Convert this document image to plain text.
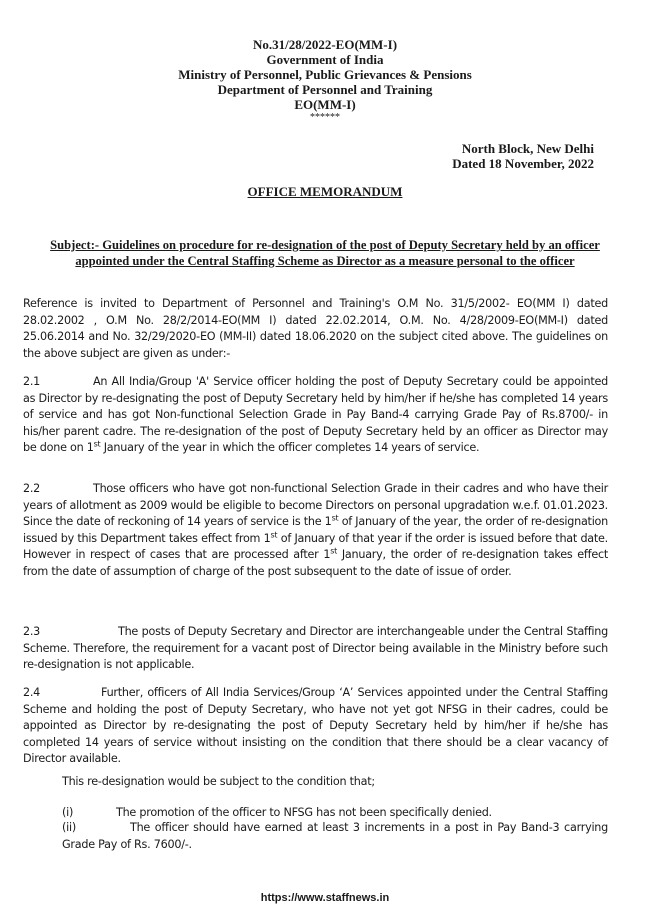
No.31/28/2022-EO(MM-I)
Government of India
Ministry of Personnel, Public Grievances & Pensions
Department of Personnel and Training
EO(MM-I)
******
North Block, New Delhi
Dated 18 November, 2022
OFFICE MEMORANDUM
Subject:- Guidelines on procedure for re-designation of the post of Deputy Secretary held by an officer appointed under the Central Staffing Scheme as Director as a measure personal to the officer
Reference is invited to Department of Personnel and Training's O.M No. 31/5/2002- EO(MM I) dated 28.02.2002 , O.M No. 28/2/2014-EO(MM I) dated 22.02.2014, O.M. No. 4/28/2009-EO(MM-I) dated 25.06.2014 and No. 32/29/2020-EO (MM-II) dated 18.06.2020 on the subject cited above. The guidelines on the above subject are given as under:-
2.1	An All India/Group 'A' Service officer holding the post of Deputy Secretary could be appointed as Director by re-designating the post of Deputy Secretary held by him/her if he/she has completed 14 years of service and has got Non-functional Selection Grade in Pay Band-4 carrying Grade Pay of Rs.8700/- in his/her parent cadre. The re-designation of the post of Deputy Secretary held by an officer as Director may be done on 1st January of the year in which the officer completes 14 years of service.
2.2	Those officers who have got non-functional Selection Grade in their cadres and who have their years of allotment as 2009 would be eligible to become Directors on personal upgradation w.e.f. 01.01.2023. Since the date of reckoning of 14 years of service is the 1st of January of the year, the order of re-designation issued by this Department takes effect from 1st of January of that year if the order is issued before that date. However in respect of cases that are processed after 1st January, the order of re-designation takes effect from the date of assumption of charge of the post subsequent to the date of issue of order.
2.3	The posts of Deputy Secretary and Director are interchangeable under the Central Staffing Scheme. Therefore, the requirement for a vacant post of Director being available in the Ministry before such re-designation is not applicable.
2.4	Further, officers of All India Services/Group ‘A’ Services appointed under the Central Staffing Scheme and holding the post of Deputy Secretary, who have not yet got NFSG in their cadres, could be appointed as Director by re-designating the post of Deputy Secretary held by him/her if he/she has completed 14 years of service without insisting on the condition that there should be a clear vacancy of Director available.
This re-designation would be subject to the condition that;
(i)	The promotion of the officer to NFSG has not been specifically denied.
(ii)	The officer should have earned at least 3 increments in a post in Pay Band-3 carrying Grade Pay of Rs. 7600/-.
https://www.staffnews.in
